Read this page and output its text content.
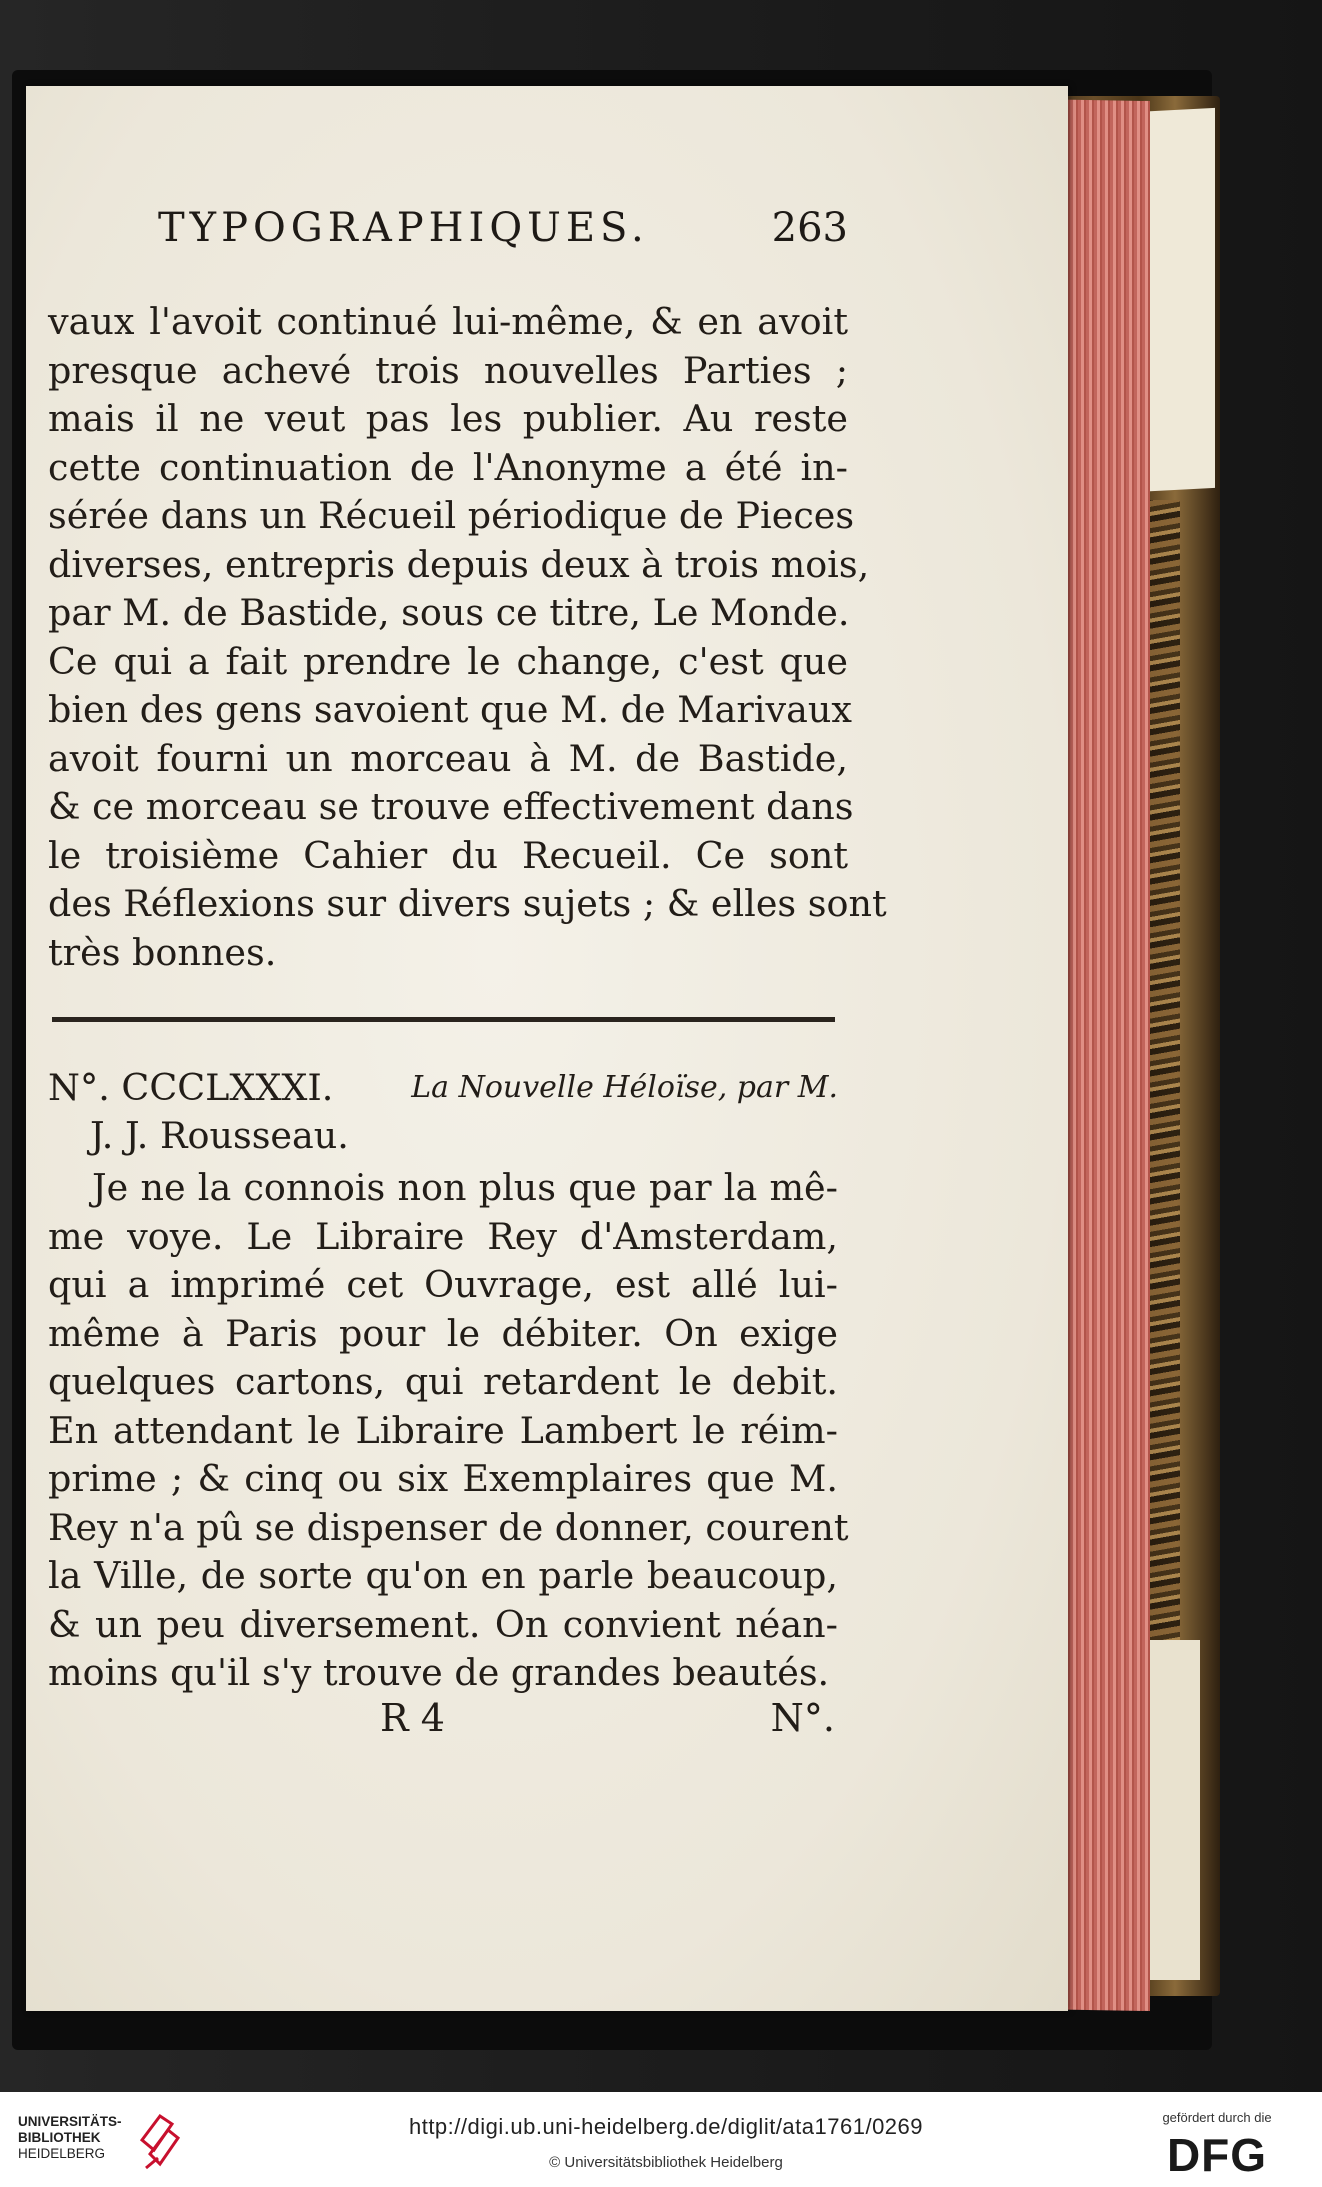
TYPOGRAPHIQUES.	263
vaux l'avoit continué lui-même, & en avoit
presque achevé trois nouvelles Parties ;
mais il ne veut pas les publier. Au reste
cette continuation de l'Anonyme a été in-
sérée dans un Récueil périodique de Pieces
diverses, entrepris depuis deux à trois mois,
par M. de Bastide, sous ce titre, Le Monde.
Ce qui a fait prendre le change, c'est que
bien des gens savoient que M. de Marivaux
avoit fourni un morceau à M. de Bastide,
& ce morceau se trouve effectivement dans
le troisième Cahier du Recueil. Ce sont
des Réflexions sur divers sujets ; & elles sont
très bonnes.
N°. CCCLXXXI.	La Nouvelle Héloïse, par M.
J. J. Rousseau.
Je ne la connois non plus que par la mê-
me voye. Le Libraire Rey d'Amsterdam,
qui a imprimé cet Ouvrage, est allé lui-
même à Paris pour le débiter. On exige
quelques cartons, qui retardent le debit.
En attendant le Libraire Lambert le réim-
prime ; & cinq ou six Exemplaires que M.
Rey n'a pû se dispenser de donner, courent
la Ville, de sorte qu'on en parle beaucoup,
& un peu diversement. On convient néan-
moins qu'il s'y trouve de grandes beautés.
R 4	N°.
UNIVERSITÄTS-
BIBLIOTHEK
HEIDELBERG
http://digi.ub.uni-heidelberg.de/diglit/ata1761/0269
© Universitätsbibliothek Heidelberg
gefördert durch die
DFG
